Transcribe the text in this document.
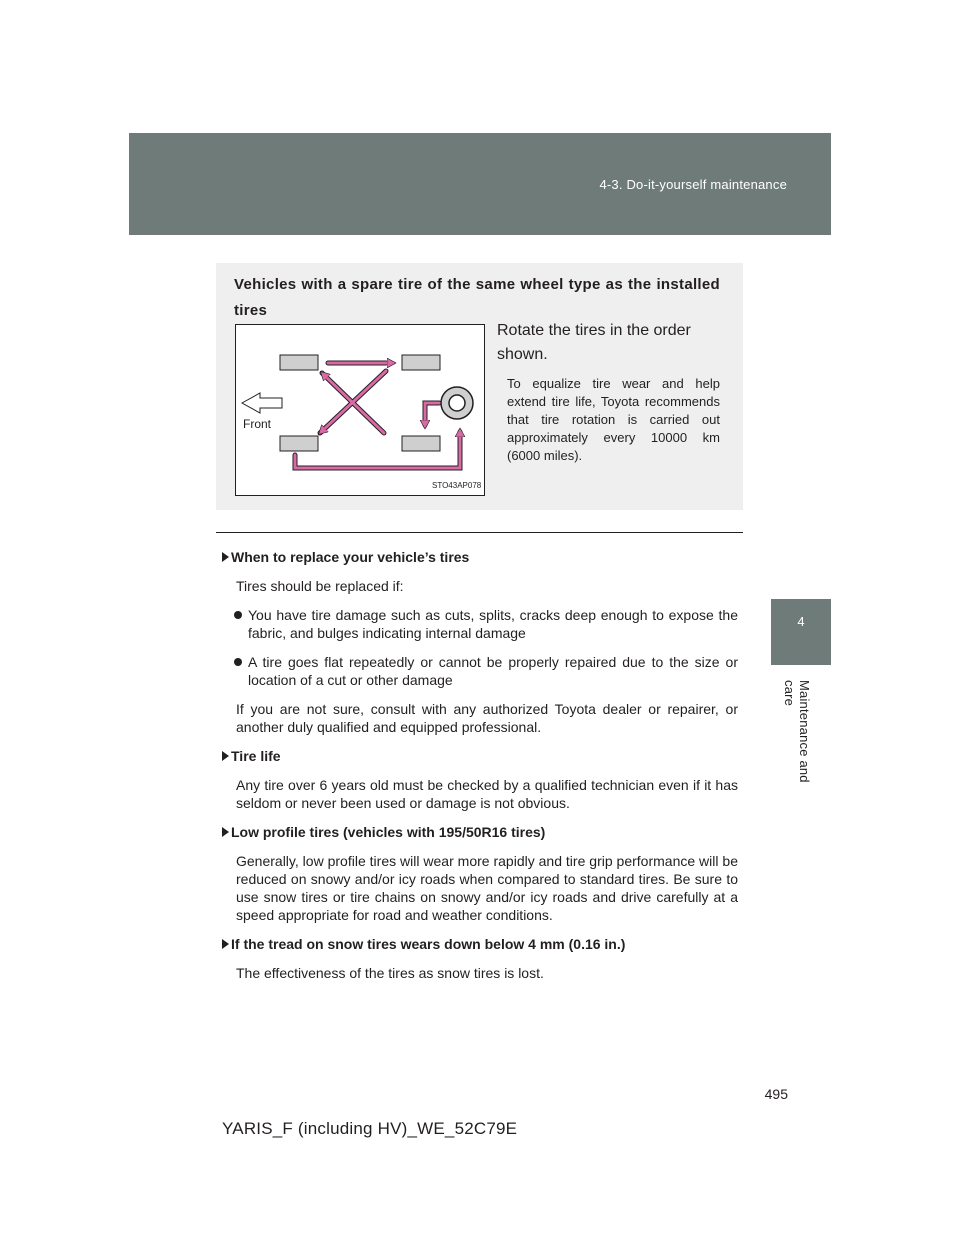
4-3. Do-it-yourself maintenance
4
Maintenance and care
Vehicles with a spare tire of the same wheel type as the installed tires
Front
STO43AP078
Rotate the tires in the order shown.
To equalize tire wear and help extend tire life, Toyota recommends that tire rotation is carried out approximately every 10000 km (6000 miles).
When to replace your vehicle’s tires
Tires should be replaced if:
You have tire damage such as cuts, splits, cracks deep enough to expose the fabric, and bulges indicating internal damage
A tire goes flat repeatedly or cannot be properly repaired due to the size or location of a cut or other damage
If you are not sure, consult with any authorized Toyota dealer or repairer, or another duly qualified and equipped professional.
Tire life
Any tire over 6 years old must be checked by a qualified technician even if it has seldom or never been used or damage is not obvious.
Low profile tires (vehicles with 195/50R16 tires)
Generally, low profile tires will wear more rapidly and tire grip performance will be reduced on snowy and/or icy roads when compared to standard tires. Be sure to use snow tires or tire chains on snowy and/or icy roads and drive carefully at a speed appropriate for road and weather conditions.
If the tread on snow tires wears down below 4 mm (0.16 in.)
The effectiveness of the tires as snow tires is lost.
495
YARIS_F (including HV)_WE_52C79E
